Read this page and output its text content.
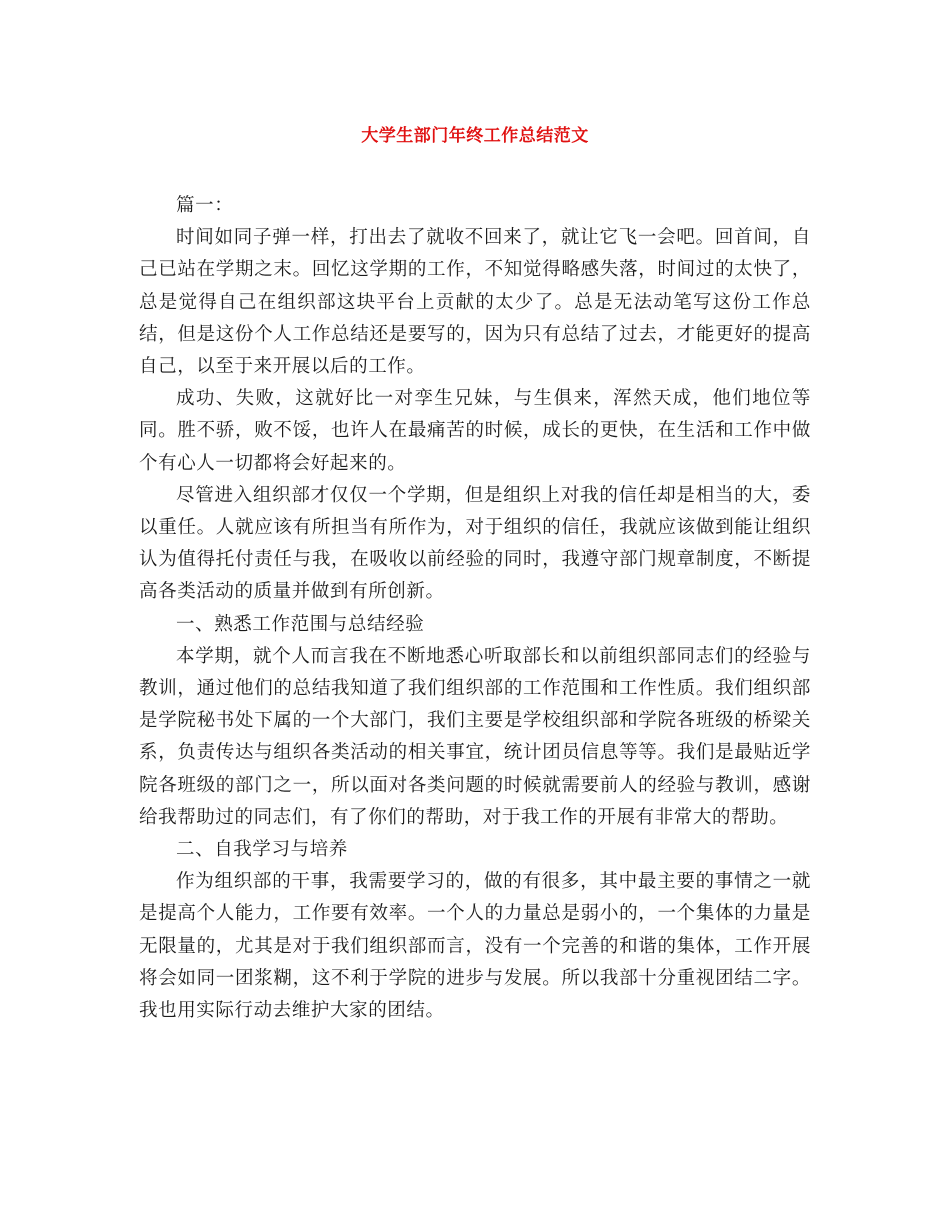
大学生部门年终工作总结范文

篇一：

时间如同子弹一样，打出去了就收不回来了，就让它飞一会吧。回首间，自己已站在学期之末。回忆这学期的工作，不知觉得略感失落，时间过的太快了，总是觉得自己在组织部这块平台上贡献的太少了。总是无法动笔写这份工作总结，但是这份个人工作总结还是要写的，因为只有总结了过去，才能更好的提高自己，以至于来开展以后的工作。

成功、失败，这就好比一对孪生兄妹，与生俱来，浑然天成，他们地位等同。胜不骄，败不馁，也许人在最痛苦的时候，成长的更快，在生活和工作中做个有心人一切都将会好起来的。

尽管进入组织部才仅仅一个学期，但是组织上对我的信任却是相当的大，委以重任。人就应该有所担当有所作为，对于组织的信任，我就应该做到能让组织认为值得托付责任与我，在吸收以前经验的同时，我遵守部门规章制度，不断提高各类活动的质量并做到有所创新。

一、熟悉工作范围与总结经验

本学期，就个人而言我在不断地悉心听取部长和以前组织部同志们的经验与教训，通过他们的总结我知道了我们组织部的工作范围和工作性质。我们组织部是学院秘书处下属的一个大部门，我们主要是学校组织部和学院各班级的桥梁关系，负责传达与组织各类活动的相关事宜，统计团员信息等等。我们是最贴近学院各班级的部门之一，所以面对各类问题的时候就需要前人的经验与教训，感谢给我帮助过的同志们，有了你们的帮助，对于我工作的开展有非常大的帮助。

二、自我学习与培养

作为组织部的干事，我需要学习的，做的有很多，其中最主要的事情之一就是提高个人能力，工作要有效率。一个人的力量总是弱小的，一个集体的力量是无限量的，尤其是对于我们组织部而言，没有一个完善的和谐的集体，工作开展将会如同一团浆糊，这不利于学院的进步与发展。所以我部十分重视团结二字。我也用实际行动去维护大家的团结。
